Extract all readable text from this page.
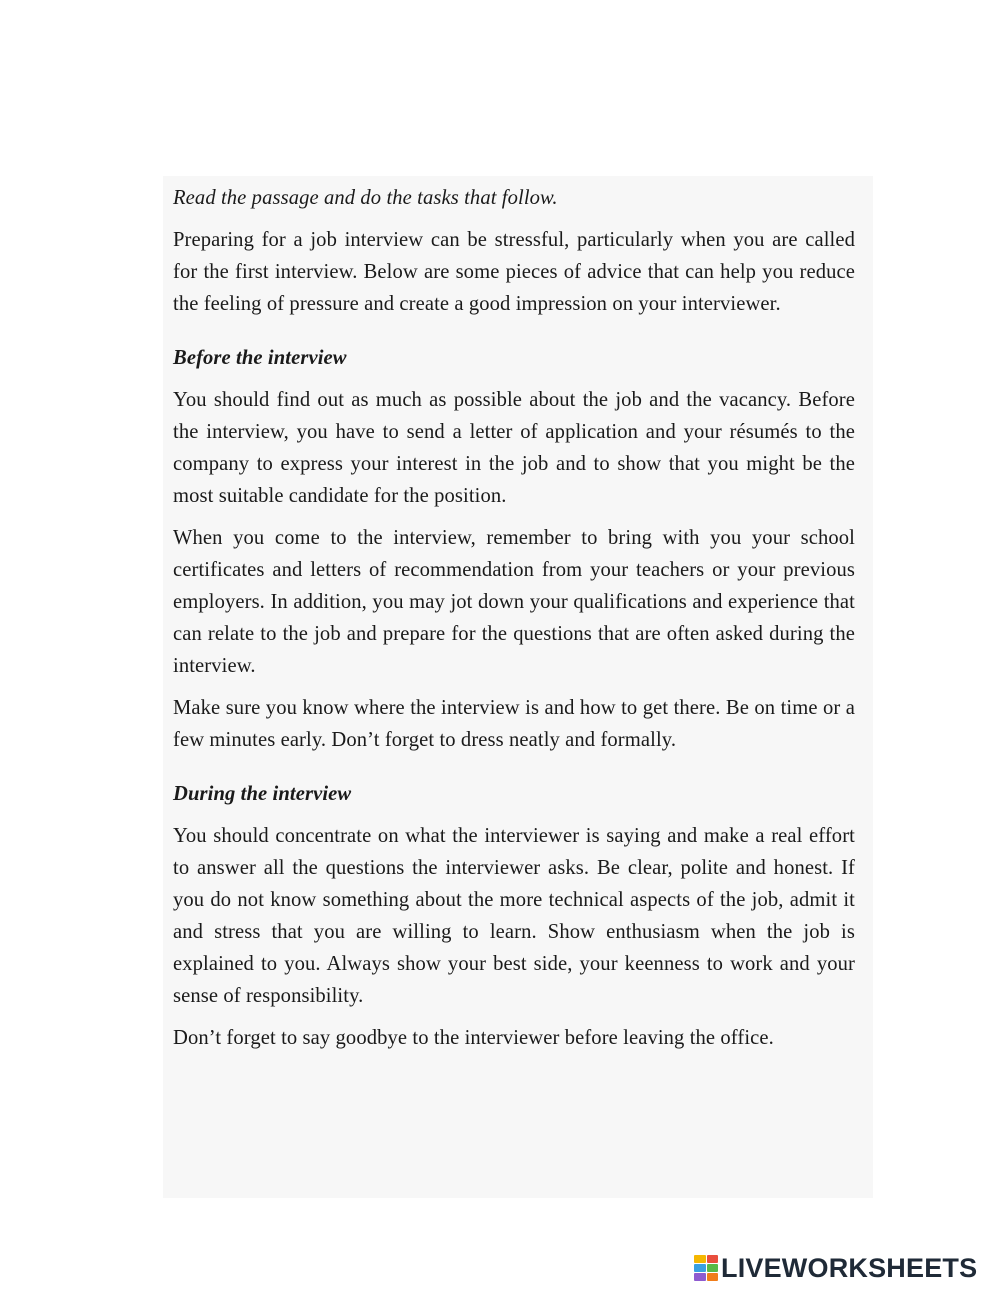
Read the passage and do the tasks that follow.

Preparing for a job interview can be stressful, particularly when you are called for the first interview. Below are some pieces of advice that can help you reduce the feeling of pressure and create a good impression on your interviewer.

Before the interview

You should find out as much as possible about the job and the vacancy. Before the interview, you have to send a letter of application and your résumés to the company to express your interest in the job and to show that you might be the most suitable candidate for the position.

When you come to the interview, remember to bring with you your school certificates and letters of recommendation from your teachers or your previous employers. In addition, you may jot down your qualifications and experience that can relate to the job and prepare for the questions that are often asked during the interview.

Make sure you know where the interview is and how to get there. Be on time or a few minutes early. Don’t forget to dress neatly and formally.

During the interview

You should concentrate on what the interviewer is saying and make a real effort to answer all the questions the interviewer asks. Be clear, polite and honest. If you do not know something about the more technical aspects of the job, admit it and stress that you are willing to learn. Show enthusiasm when the job is explained to you. Always show your best side, your keenness to work and your sense of responsibility.

Don’t forget to say goodbye to the interviewer before leaving the office.

LIVEWORKSHEETS
